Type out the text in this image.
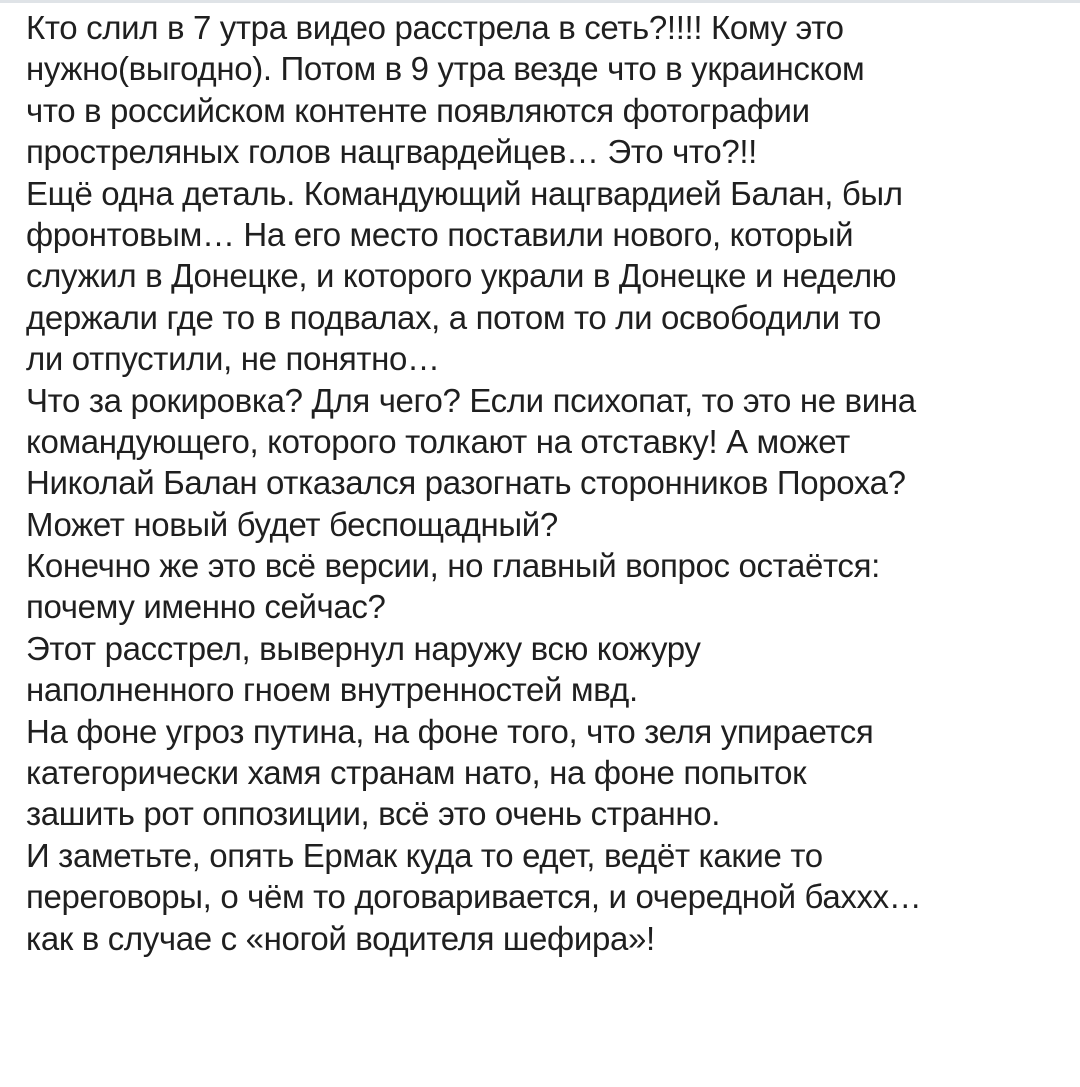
Кто слил в 7 утра видео расстрела в сеть?!!!! Кому это
нужно(выгодно). Потом в 9 утра везде что в украинском
что в российском контенте появляются фотографии
простреляных голов нацгвардейцев… Это что?!!
Ещё одна деталь. Командующий нацгвардией Балан, был
фронтовым… На его место поставили нового, который
служил в Донецке, и которого украли в Донецке и неделю
держали где то в подвалах, а потом то ли освободили то
ли отпустили, не понятно…
Что за рокировка? Для чего? Если психопат, то это не вина
командующего, которого толкают на отставку! А может
Николай Балан отказался разогнать сторонников Пороха?
Может новый будет беспощадный?
Конечно же это всё версии, но главный вопрос остаётся:
почему именно сейчас?
Этот расстрел, вывернул наружу всю кожуру
наполненного гноем внутренностей мвд.
На фоне угроз путина, на фоне того, что зеля упирается
категорически хамя странам нато, на фоне попыток
зашить рот оппозиции, всё это очень странно.
И заметьте, опять Ермак куда то едет, ведёт какие то
переговоры, о чём то договаривается, и очередной баххх…
как в случае с «ногой водителя шефира»!
